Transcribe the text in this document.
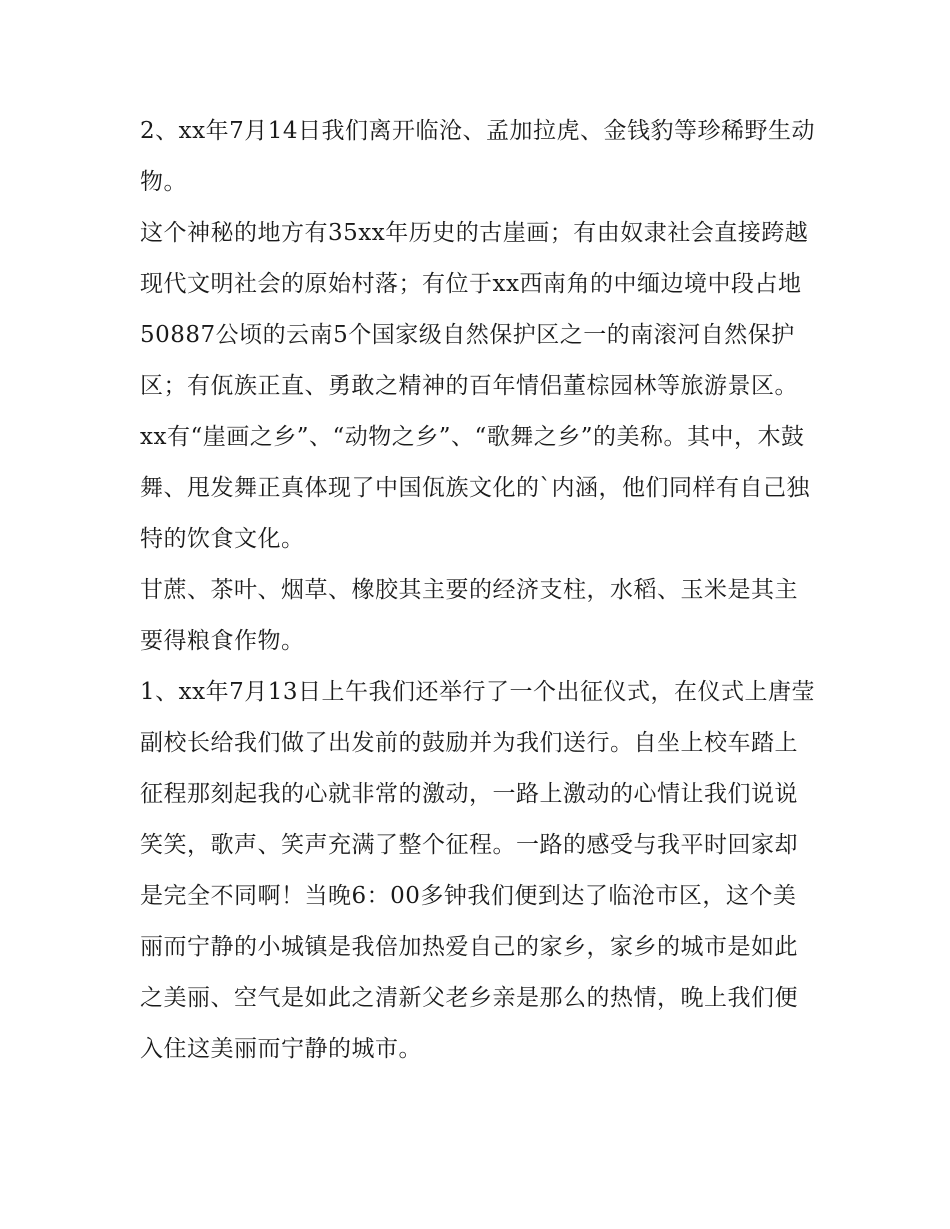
2、xx年7月14日我们离开临沧、孟加拉虎、金钱豹等珍稀野生动物。

这个神秘的地方有35xx年历史的古崖画；有由奴隶社会直接跨越现代文明社会的原始村落；有位于xx西南角的中缅边境中段占地50887公顷的云南5个国家级自然保护区之一的南滚河自然保护区；有佤族正直、勇敢之精神的百年情侣董棕园林等旅游景区。

xx有“崖画之乡”、“动物之乡”、“歌舞之乡”的美称。其中，木鼓舞、甩发舞正真体现了中国佤族文化的`内涵，他们同样有自己独特的饮食文化。

甘蔗、茶叶、烟草、橡胶其主要的经济支柱，水稻、玉米是其主要得粮食作物。

1、xx年7月13日上午我们还举行了一个出征仪式，在仪式上唐莹副校长给我们做了出发前的鼓励并为我们送行。自坐上校车踏上征程那刻起我的心就非常的激动，一路上激动的心情让我们说说笑笑，歌声、笑声充满了整个征程。一路的感受与我平时回家却是完全不同啊！当晚6：00多钟我们便到达了临沧市区，这个美丽而宁静的小城镇是我倍加热爱自己的家乡，家乡的城市是如此之美丽、空气是如此之清新父老乡亲是那么的热情，晚上我们便入住这美丽而宁静的城市。
